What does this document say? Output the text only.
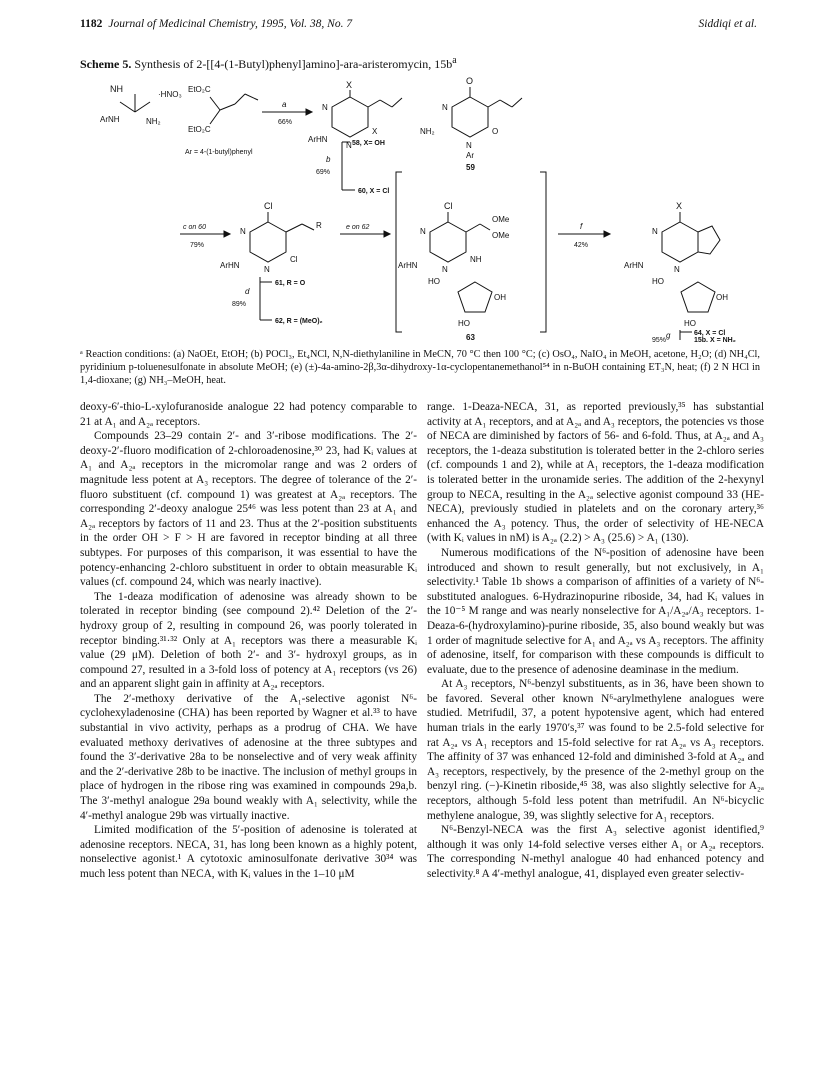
1182 Journal of Medicinal Chemistry, 1995, Vol. 38, No. 7	Siddiqi et al.
Scheme 5. Synthesis of 2-[[4-(1-Butyl)phenyl]amino]-ara-aristeromycin, $15b^a$
NH
ArNH	NH₂
·HNO₃
EtO₂C
EtO₂C
a
66%
X
N
N
X
ArHN
O
N
N
O
NH₂
Ar
59
Ar = 4-(1-butyl)phenyl
58, X= OH
b
69%
60, X = Cl
c on 60
79%
Cl
R
N
N
Cl
ArHN
61, R = O
d
89%
62, R = (MeO)₂
e on 62
Cl
OMe
OMe
N
N
NH
ArHN
HO
OH
HO
63
f
42%
X
N
N
ArHN
HO
OH
HO
64, X = Cl
g
95%	15b, X = NH₂
ᵃ Reaction conditions: (a) NaOEt, EtOH; (b) POCl₃, Et₄NCl, N,N-diethylaniline in MeCN, 70 °C then 100 °C; (c) OsO₄, NaIO₄ in MeOH, acetone, H₂O; (d) NH₄Cl, pyridinium p-toluenesulfonate in absolute MeOH; (e) (±)-4a-amino-2β,3α-dihydroxy-1α-cyclopentanemethanol⁵⁴ in n-BuOH containing ET₃N, heat; (f) 2 N HCl in 1,4-dioxane; (g) NH₃–MeOH, heat.

deoxy-6′-thio-L-xylofuranoside analogue 22 had potency comparable to 21 at A₁ and A₂ₐ receptors.

Compounds 23–29 contain 2′- and 3′-ribose modifications. The 2′-deoxy-2′-fluoro modification of 2-chloroadenosine,³⁰ 23, had Kᵢ values at A₁ and A₂ₐ receptors in the micromolar range and was 2 orders of magnitude less potent at A₃ receptors. The degree of tolerance of the 2′-fluoro substituent (cf. compound 1) was greatest at A₂ₐ receptors. The corresponding 2′-deoxy analogue 25⁴⁶ was less potent than 23 at A₁ and A₂ₐ receptors by factors of 11 and 23. Thus at the 2′-position substituents in the order OH > F > H are favored in receptor binding at all three subtypes. For purposes of this comparison, it was essential to have the potency-enhancing 2-chloro substituent in order to obtain measurable Kᵢ values (cf. compound 24, which was nearly inactive).

The 1-deaza modification of adenosine was already shown to be tolerated in receptor binding (see compound 2).⁴² Deletion of the 2′-hydroxy group of 2, resulting in compound 26, was poorly tolerated in receptor binding.³¹·³² Only at A₁ receptors was there a measurable Kᵢ value (29 μM). Deletion of both 2′- and 3′- hydroxyl groups, as in compound 27, resulted in a 3-fold loss of potency at A₁ receptors (vs 26) and an apparent slight gain in affinity at A₂ₐ receptors.

The 2′-methoxy derivative of the A₁-selective agonist N⁶-cyclohexyladenosine (CHA) has been reported by Wagner et al.³³ to have substantial in vivo activity, perhaps as a prodrug of CHA. We have evaluated methoxy derivatives of adenosine at the three subtypes and found the 3′-derivative 28a to be nonselective and of very weak affinity and the 2′-derivative 28b to be inactive. The inclusion of methyl groups in place of hydrogen in the ribose ring was examined in compounds 29a,b. The 3′-methyl analogue 29a bound weakly with A₁ selectivity, while the 4′-methyl analogue 29b was virtually inactive.

Limited modification of the 5′-position of adenosine is tolerated at adenosine receptors. NECA, 31, has long been known as a highly potent, nonselective agonist.¹ A cytotoxic aminosulfonate derivative 30³⁴ was much less potent than NECA, with Kᵢ values in the 1–10 μM

range. 1-Deaza-NECA, 31, as reported previously,³⁵ has substantial activity at A₁ receptors, and at A₂ₐ and A₃ receptors, the potencies vs those of NECA are diminished by factors of 56- and 6-fold. Thus, at A₂ₐ and A₃ receptors, the 1-deaza substitution is tolerated better in the 2-chloro series (cf. compounds 1 and 2), while at A₁ receptors, the 1-deaza modification is tolerated better in the uronamide series. The addition of the 2-hexynyl group to NECA, resulting in the A₂ₐ selective agonist compound 33 (HE-NECA), previously studied in platelets and on the coronary artery,³⁶ enhanced the A₃ potency. Thus, the order of selectivity of HE-NECA (with Kᵢ values in nM) is A₂ₐ (2.2) > A₃ (25.6) > A₁ (130).

Numerous modifications of the N⁶-position of adenosine have been introduced and shown to result generally, but not exclusively, in A₁ selectivity.¹ Table 1b shows a comparison of affinities of a variety of N⁶-substituted analogues. 6-Hydrazinopurine riboside, 34, had Kᵢ values in the 10⁻⁵ M range and was nearly nonselective for A₁/A₂ₐ/A₃ receptors. 1-Deaza-6-(hydroxylamino)-purine riboside, 35, also bound weakly but was 1 order of magnitude selective for A₁ and A₂ₐ vs A₃ receptors. The affinity of adenosine, itself, for comparison with these compounds is difficult to evaluate, due to the presence of adenosine deaminase in the medium.

At A₃ receptors, N⁶-benzyl substituents, as in 36, have been shown to be favored. Several other known N⁶-arylmethylene analogues were studied. Metrifudil, 37, a potent hypotensive agent, which had entered human trials in the early 1970′s,³⁷ was found to be 2.5-fold selective for rat A₂ₐ vs A₁ receptors and 15-fold selective for rat A₂ₐ vs A₃ receptors. The affinity of 37 was enhanced 12-fold and diminished 3-fold at A₂ₐ and A₃ receptors, respectively, by the presence of the 2-methyl group on the benzyl ring. (−)-Kinetin riboside,⁴⁵ 38, was also slightly selective for A₂ₐ receptors, although 5-fold less potent than metrifudil. An N⁶-bicyclic methylene analogue, 39, was slightly selective for A₁ receptors.

N⁶-Benzyl-NECA was the first A₃ selective agonist identified,⁹ although it was only 14-fold selective verses either A₁ or A₂ₐ receptors. The corresponding N-methyl analogue 40 had enhanced potency and selectivity.⁸ A 4′-methyl analogue, 41, displayed even greater selectiv-
